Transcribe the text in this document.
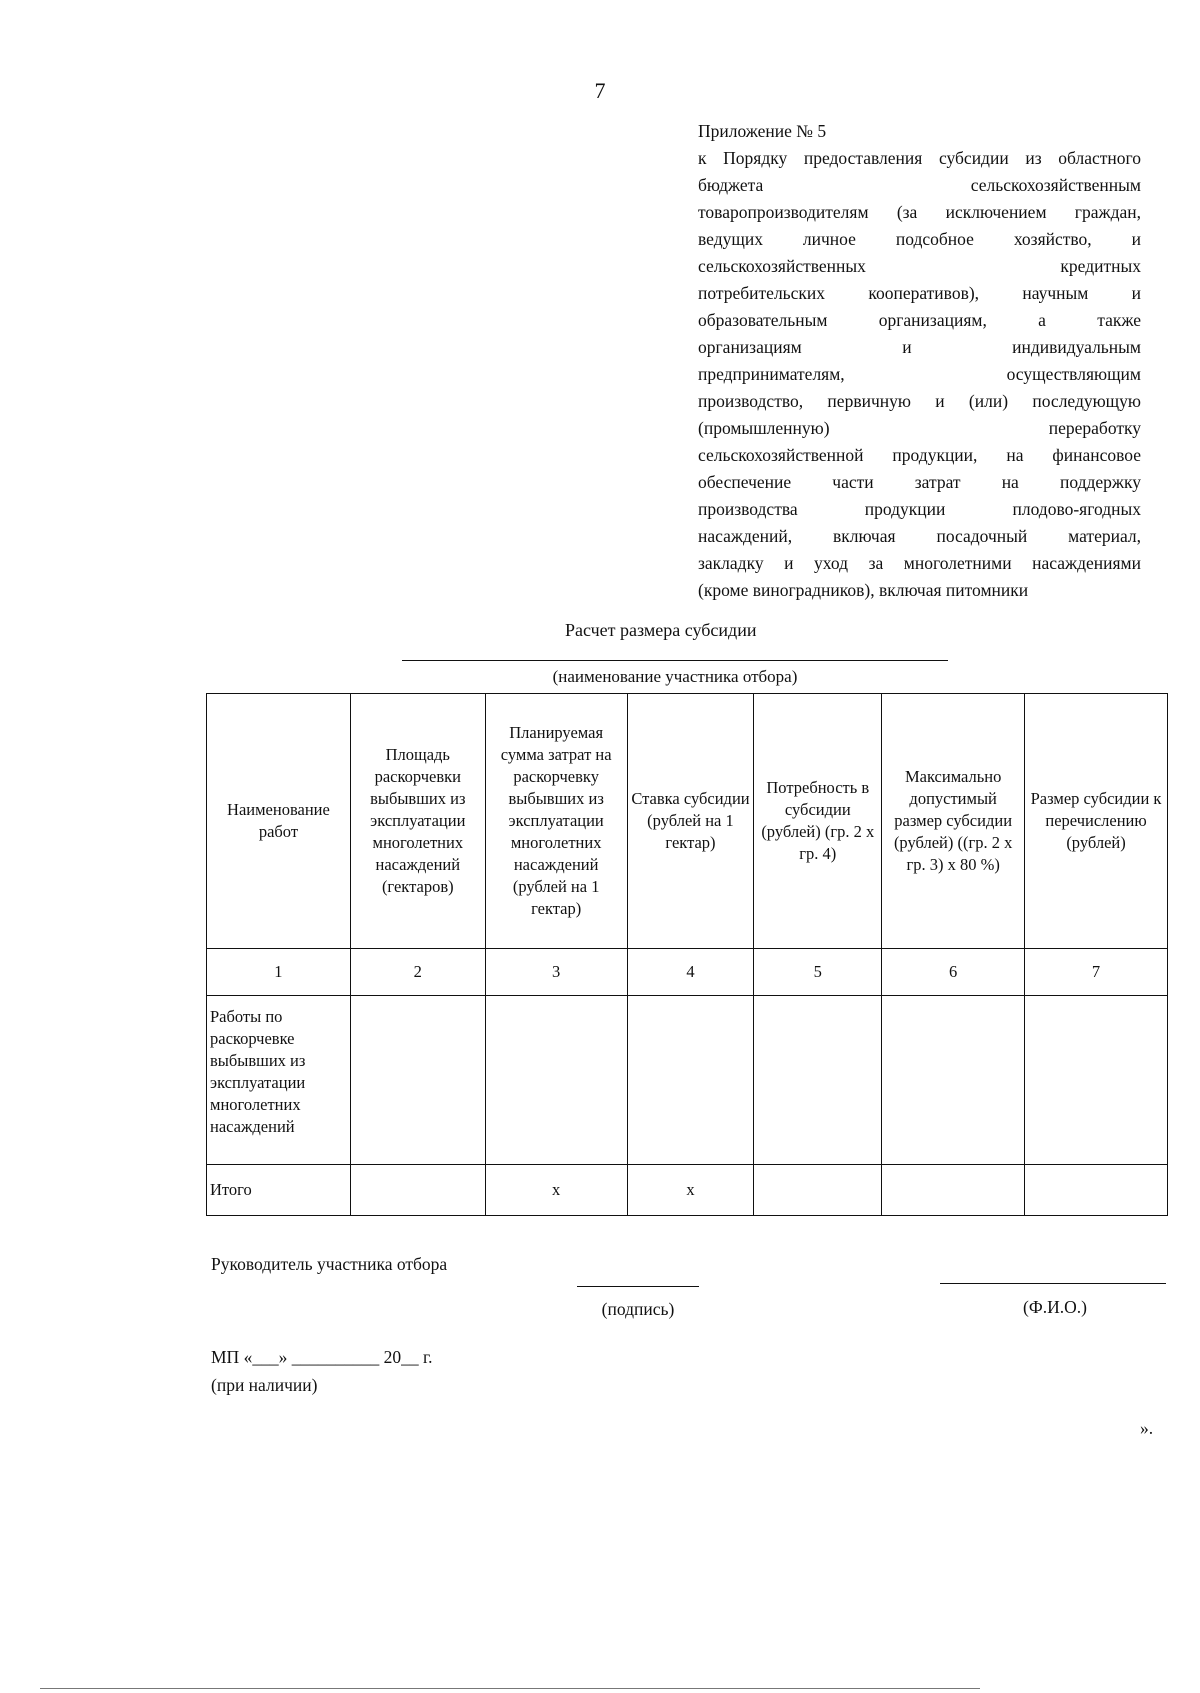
7
Приложение № 5
к Порядку предоставления субсидии из областного
бюджета сельскохозяйственным
товаропроизводителям (за исключением граждан,
ведущих личное подсобное хозяйство, и
сельскохозяйственных кредитных
потребительских кооперативов), научным и
образовательным организациям, а также
организациям и индивидуальным
предпринимателям, осуществляющим
производство, первичную и (или) последующую
(промышленную) переработку
сельскохозяйственной продукции, на финансовое
обеспечение части затрат на поддержку
производства продукции плодово-ягодных
насаждений, включая посадочный материал,
закладку и уход за многолетними насаждениями
(кроме виноградников), включая питомники
Расчет размера субсидии
(наименование участника отбора)
Наименование работ	Площадь раскорчевки выбывших из эксплуатации многолетних насаждений (гектаров)	Планируемая сумма затрат на раскорчевку выбывших из эксплуатации многолетних насаждений (рублей на 1 гектар)	Ставка субсидии (рублей на 1 гектар)	Потребность в субсидии (рублей) (гр. 2 х гр. 4)	Максимально допустимый размер субсидии (рублей) ((гр. 2 х гр. 3) х 80 %)	Размер субсидии к перечислению (рублей)
1	2	3	4	5	6	7
Работы по раскорчевке выбывших из эксплуатации многолетних насаждений						
Итого		х	х			
Руководитель участника отбора
(подпись)	(Ф.И.О.)
МП «___» __________ 20__ г.
(при наличии)
».
